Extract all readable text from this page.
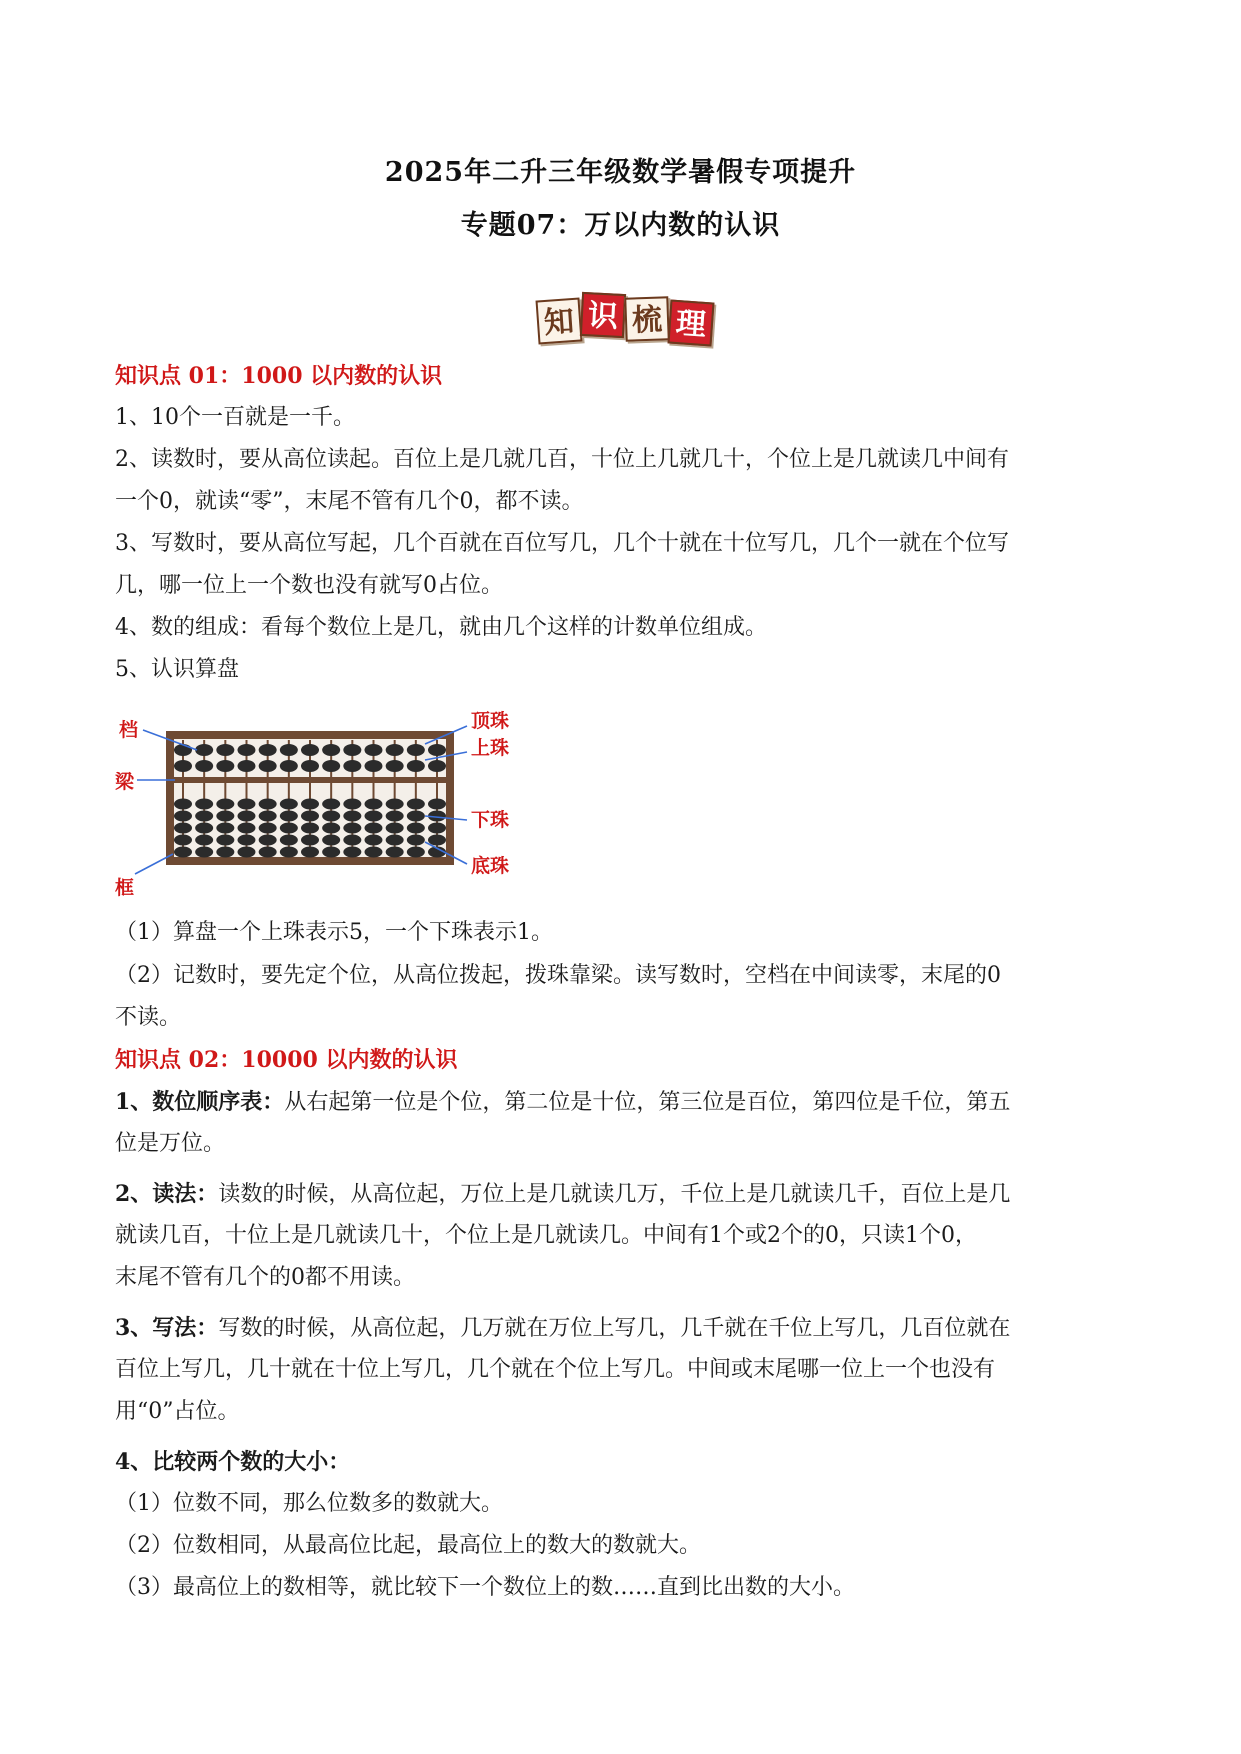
2025年二升三年级数学暑假专项提升
专题07：万以内数的认识
知 识 梳 理
知识点 01：1000 以内数的认识
1、10个一百就是一千。
2、读数时，要从高位读起。百位上是几就几百，十位上几就几十，个位上是几就读几中间有
一个0，就读“零”，末尾不管有几个0，都不读。
3、写数时，要从高位写起，几个百就在百位写几，几个十就在十位写几，几个一就在个位写
几，哪一位上一个数也没有就写0占位。
4、数的组成：看每个数位上是几，就由几个这样的计数单位组成。
5、认识算盘
档
梁
框
顶珠
上珠
下珠
底珠
（1）算盘一个上珠表示5，一个下珠表示1。
（2）记数时，要先定个位，从高位拨起，拨珠靠梁。读写数时，空档在中间读零，末尾的0
不读。
知识点 02：10000 以内数的认识
1、数位顺序表：从右起第一位是个位，第二位是十位，第三位是百位，第四位是千位，第五
位是万位。
2、读法：读数的时候，从高位起，万位上是几就读几万，千位上是几就读几千，百位上是几
就读几百，十位上是几就读几十，个位上是几就读几。中间有1个或2个的0，只读1个0，
末尾不管有几个的0都不用读。
3、写法：写数的时候，从高位起，几万就在万位上写几，几千就在千位上写几，几百位就在
百位上写几，几十就在十位上写几，几个就在个位上写几。中间或末尾哪一位上一个也没有
用“0”占位。
4、比较两个数的大小：
（1）位数不同，那么位数多的数就大。
（2）位数相同，从最高位比起，最高位上的数大的数就大。
（3）最高位上的数相等，就比较下一个数位上的数……直到比出数的大小。
